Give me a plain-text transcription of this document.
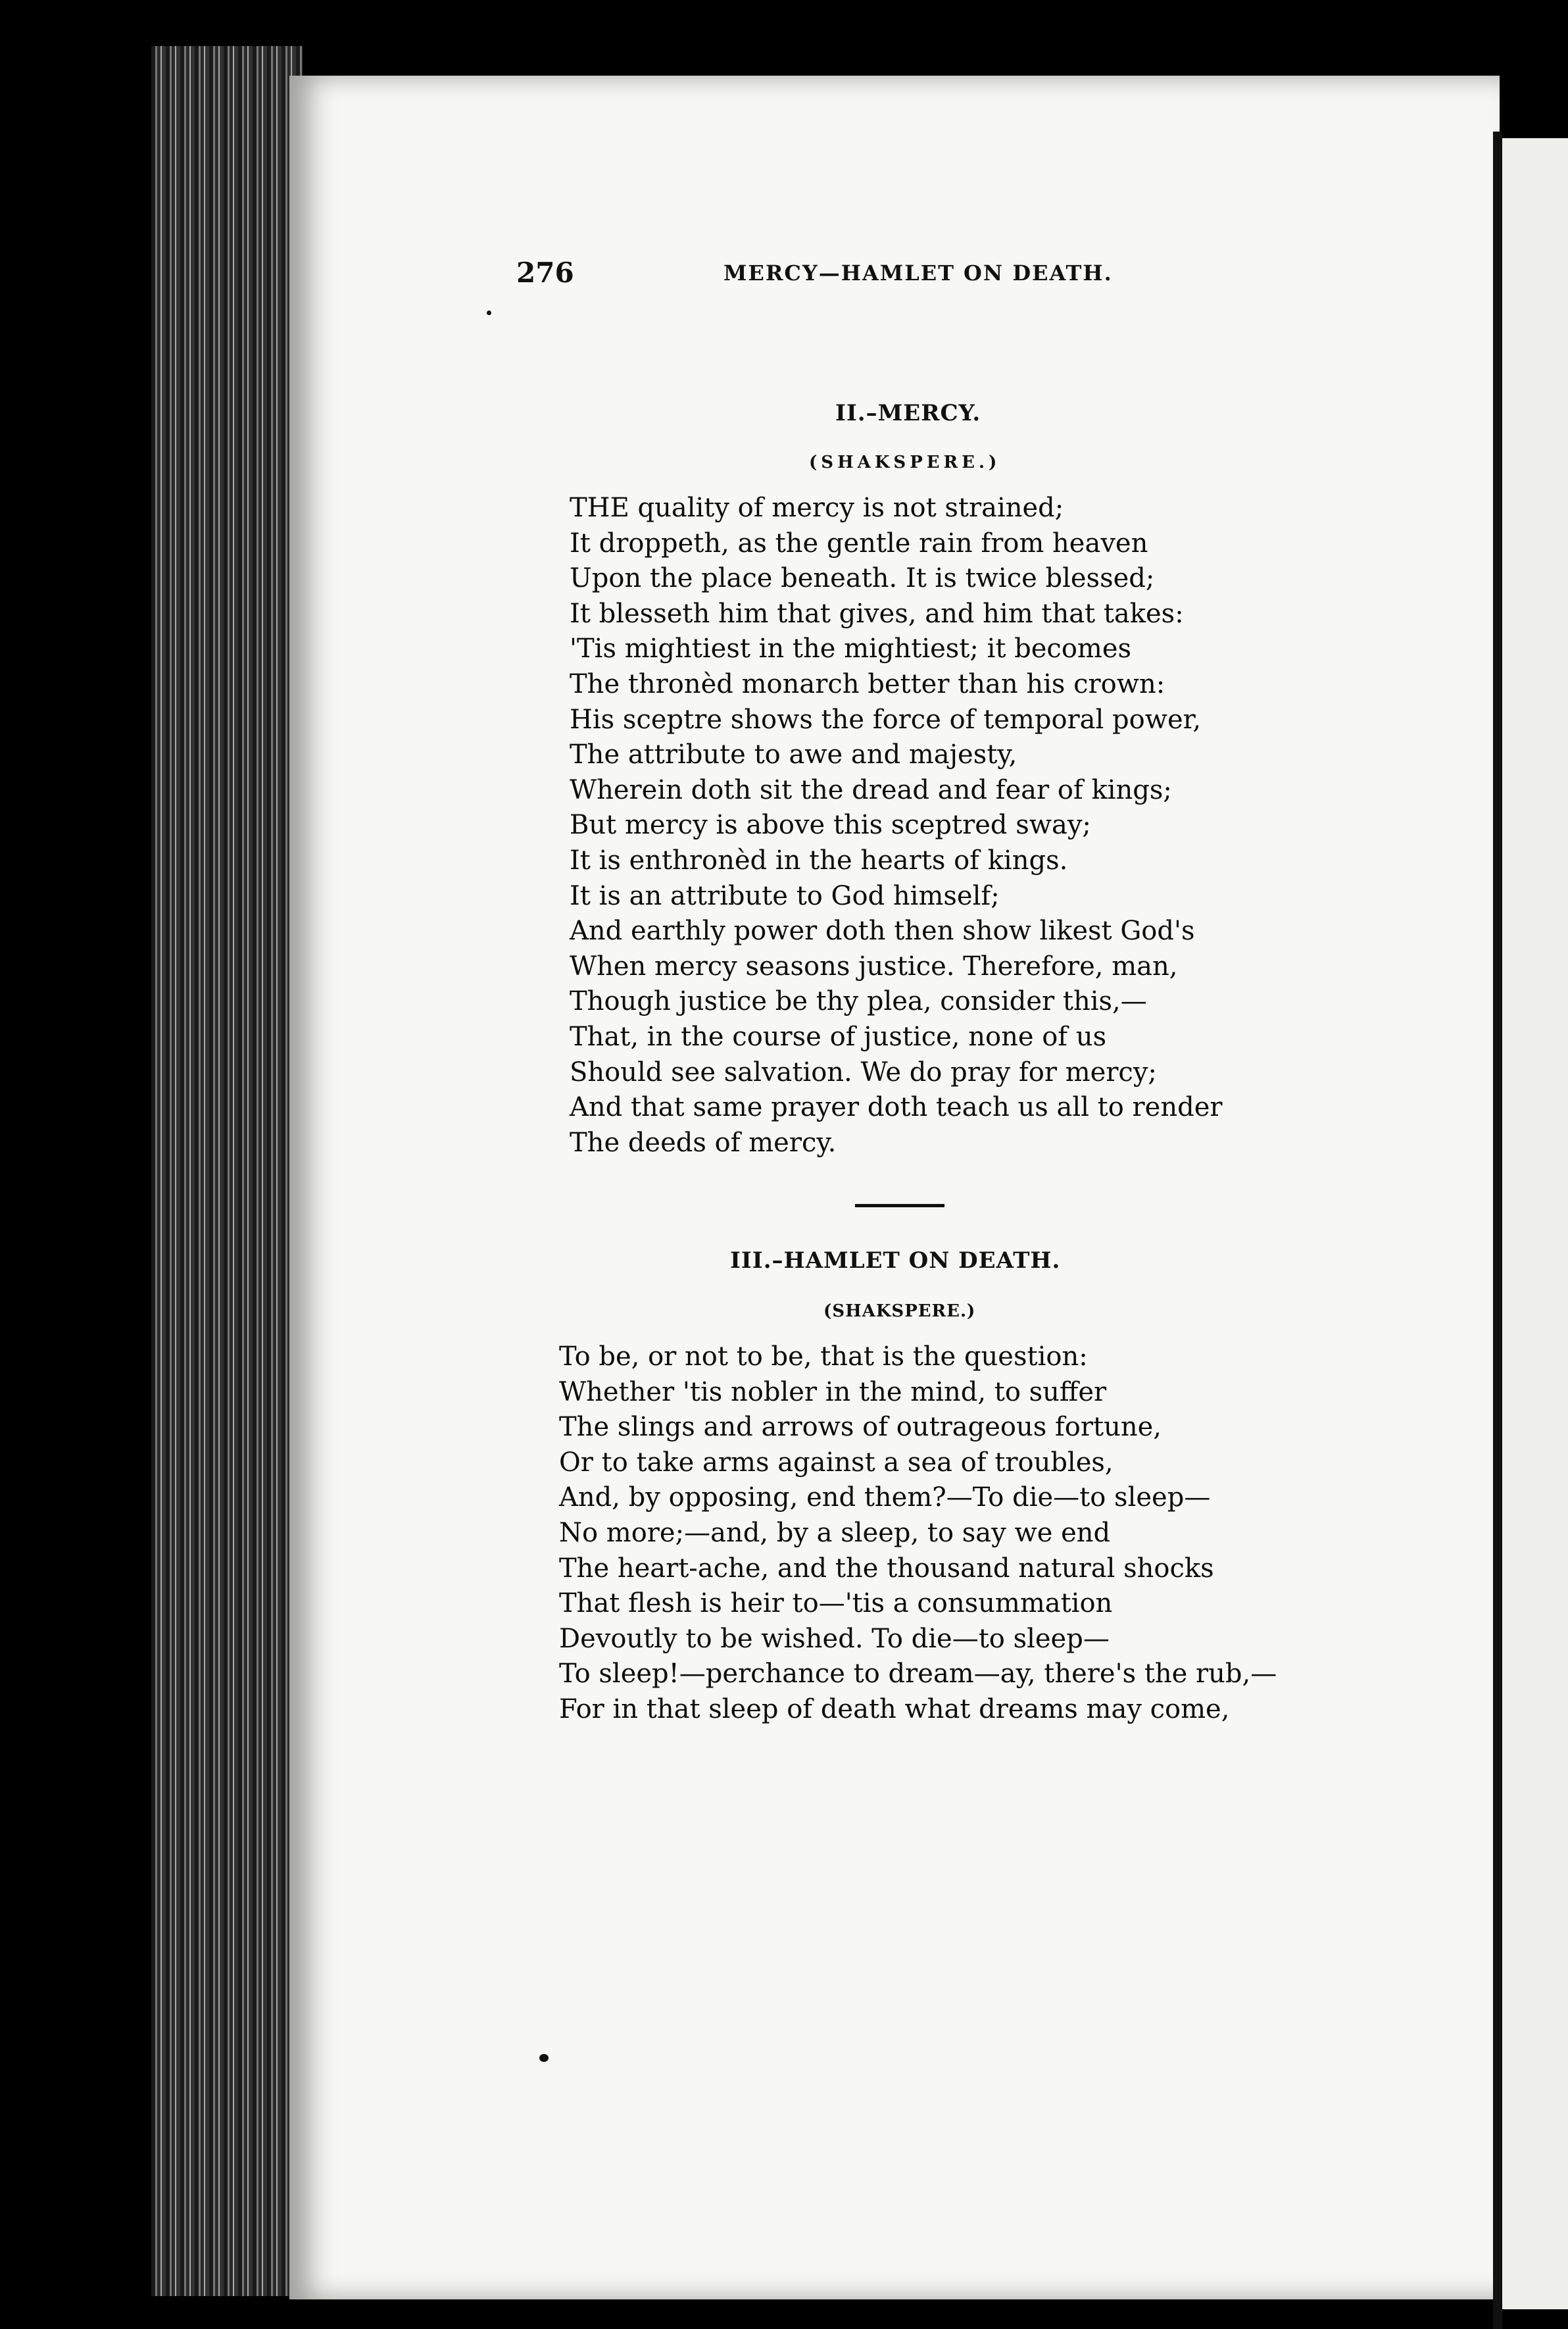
276	MERCY—HAMLET ON DEATH.
II.–MERCY.
(SHAKSPERE.)
THE quality of mercy is not strained;
It droppeth, as the gentle rain from heaven
Upon the place beneath. It is twice blessed;
It blesseth him that gives, and him that takes:
'Tis mightiest in the mightiest; it becomes
The thronèd monarch better than his crown:
His sceptre shows the force of temporal power,
The attribute to awe and majesty,
Wherein doth sit the dread and fear of kings;
But mercy is above this sceptred sway;
It is enthronèd in the hearts of kings.
It is an attribute to God himself;
And earthly power doth then show likest God's
When mercy seasons justice. Therefore, man,
Though justice be thy plea, consider this,—
That, in the course of justice, none of us
Should see salvation. We do pray for mercy;
And that same prayer doth teach us all to render
The deeds of mercy.
III.–HAMLET ON DEATH.
(SHAKSPERE.)
To be, or not to be, that is the question:
Whether 'tis nobler in the mind, to suffer
The slings and arrows of outrageous fortune,
Or to take arms against a sea of troubles,
And, by opposing, end them?—To die—to sleep—
No more;—and, by a sleep, to say we end
The heart-ache, and the thousand natural shocks
That flesh is heir to—'tis a consummation
Devoutly to be wished. To die—to sleep—
To sleep!—perchance to dream—ay, there's the rub,—
For in that sleep of death what dreams may come,
